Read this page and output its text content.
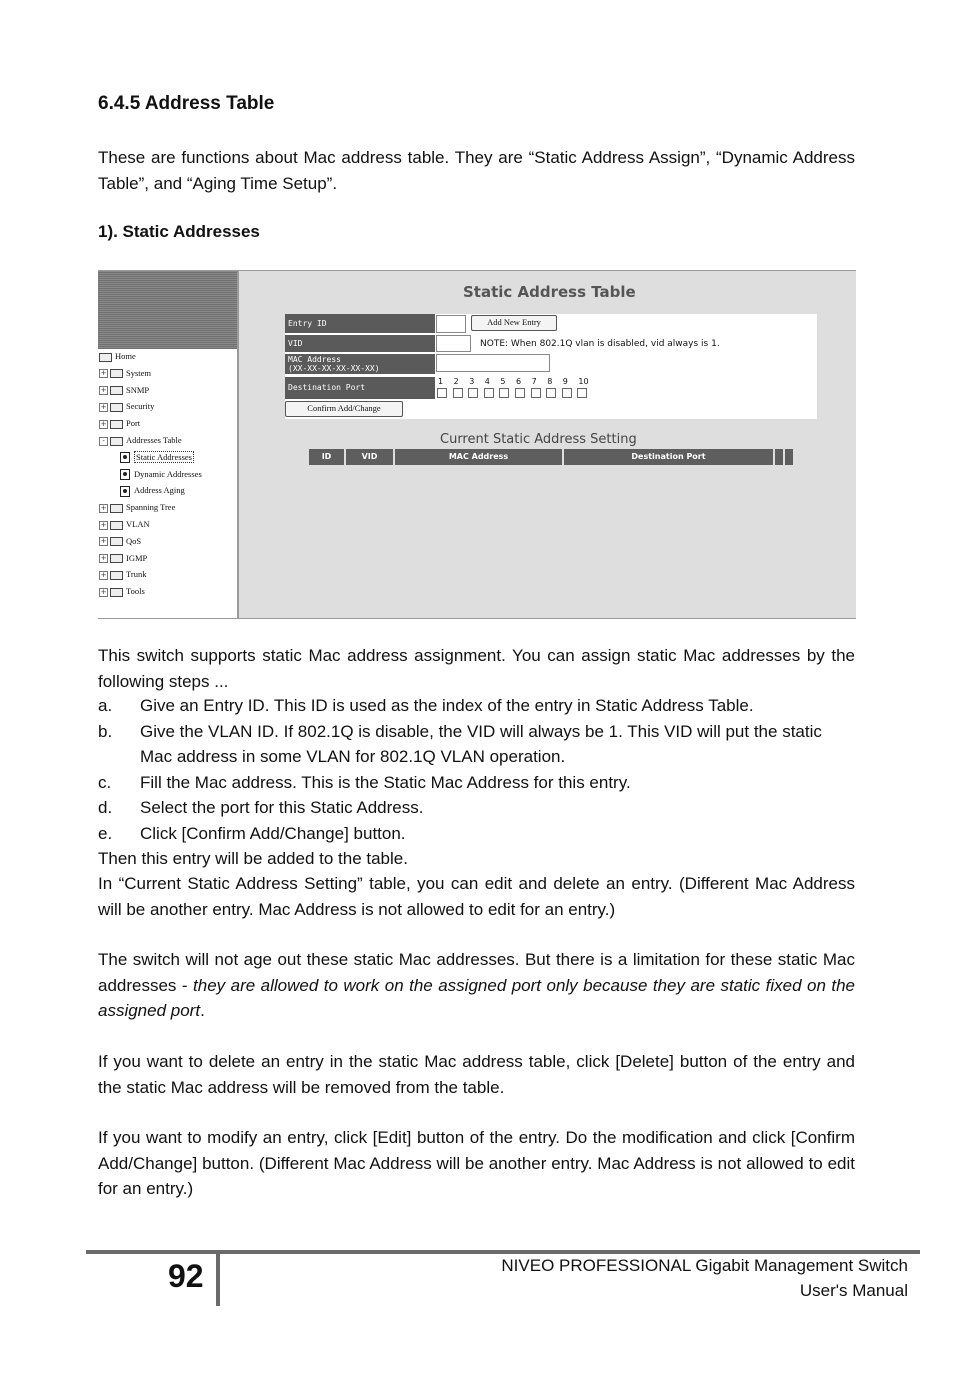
6.4.5 Address Table
These are functions about Mac address table. They are “Static Address Assign”, “Dynamic Address Table”, and “Aging Time Setup”.
1). Static Addresses
Home
+ System
+ SNMP
+ Security
+ Port
- Addresses Table
Static Addresses
Dynamic Addresses
Address Aging
+ Spanning Tree
+ VLAN
+ QoS
+ IGMP
+ Trunk
+ Tools
Static Address Table
Entry ID	Add New Entry
VID	NOTE: When 802.1Q vlan is disabled, vid always is 1.
MAC Address
(XX-XX-XX-XX-XX-XX)
Destination Port
1 2 3 4 5 6 7 8 9 10
Confirm Add/Change
Current Static Address Setting
ID	VID	MAC Address	Destination Port
This switch supports static Mac address assignment. You can assign static Mac addresses by the following steps ...
a. Give an Entry ID. This ID is used as the index of the entry in Static Address Table.
b. Give the VLAN ID. If 802.1Q is disable, the VID will always be 1. This VID will put the static Mac address in some VLAN for 802.1Q VLAN operation.
c. Fill the Mac address. This is the Static Mac Address for this entry.
d. Select the port for this Static Address.
e. Click [Confirm Add/Change] button.
Then this entry will be added to the table.
In “Current Static Address Setting” table, you can edit and delete an entry. (Different Mac Address will be another entry. Mac Address is not allowed to edit for an entry.)
The switch will not age out these static Mac addresses. But there is a limitation for these static Mac addresses - they are allowed to work on the assigned port only because they are static fixed on the assigned port.
If you want to delete an entry in the static Mac address table, click [Delete] button of the entry and the static Mac address will be removed from the table.
If you want to modify an entry, click [Edit] button of the entry. Do the modification and click [Confirm Add/Change] button. (Different Mac Address will be another entry. Mac Address is not allowed to edit for an entry.)
92	NIVEO PROFESSIONAL Gigabit Management Switch
User's Manual
